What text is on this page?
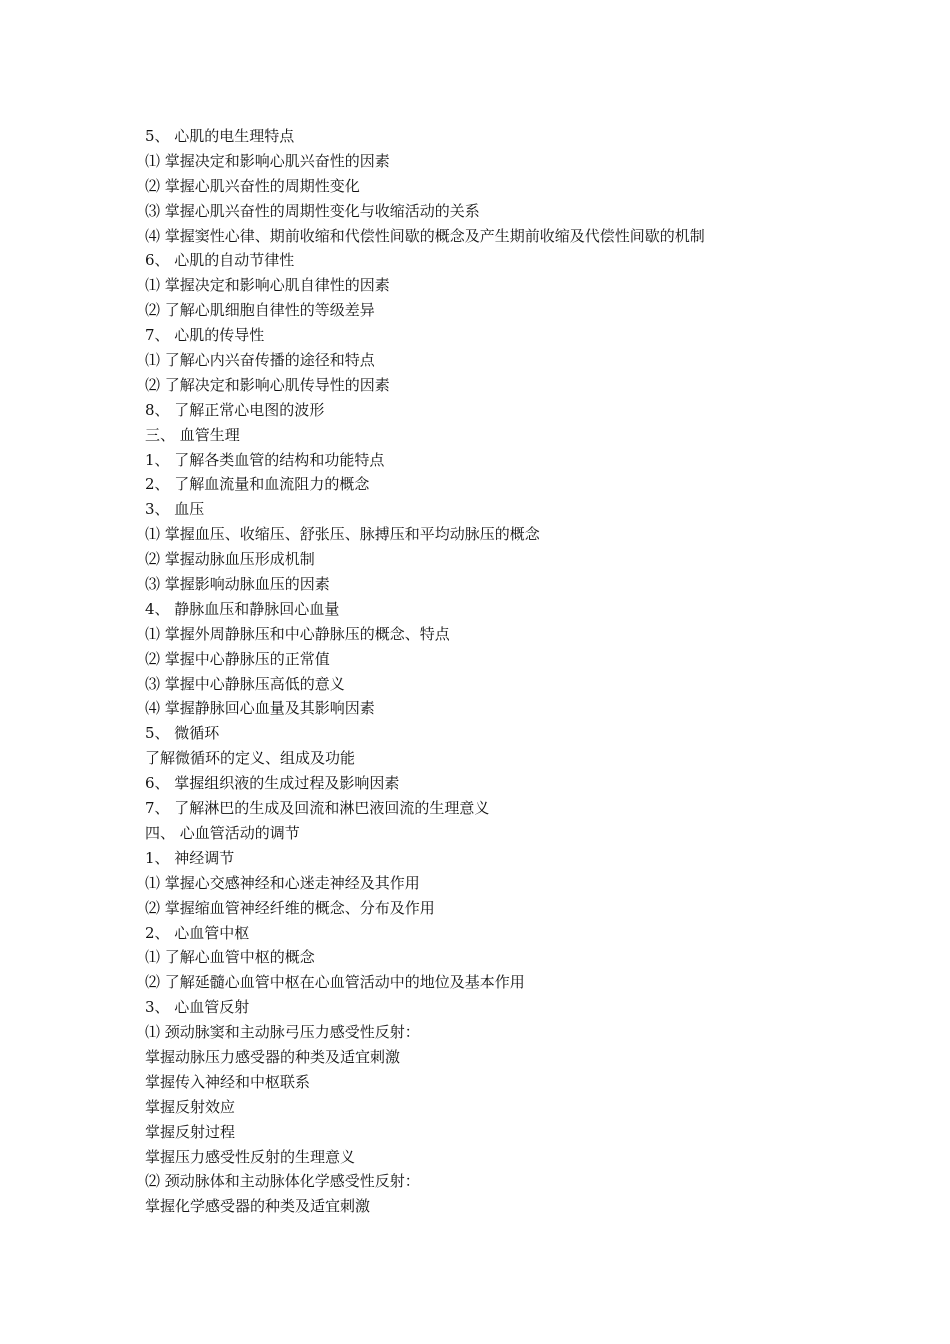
5、 心肌的电生理特点
⑴ 掌握决定和影响心肌兴奋性的因素
⑵ 掌握心肌兴奋性的周期性变化
⑶ 掌握心肌兴奋性的周期性变化与收缩活动的关系
⑷ 掌握窦性心律、期前收缩和代偿性间歇的概念及产生期前收缩及代偿性间歇的机制
6、 心肌的自动节律性
⑴ 掌握决定和影响心肌自律性的因素
⑵ 了解心肌细胞自律性的等级差异
7、 心肌的传导性
⑴ 了解心内兴奋传播的途径和特点
⑵ 了解决定和影响心肌传导性的因素
8、 了解正常心电图的波形
三、 血管生理
1、 了解各类血管的结构和功能特点
2、 了解血流量和血流阻力的概念
3、 血压
⑴ 掌握血压、收缩压、舒张压、脉搏压和平均动脉压的概念
⑵ 掌握动脉血压形成机制
⑶ 掌握影响动脉血压的因素
4、 静脉血压和静脉回心血量
⑴ 掌握外周静脉压和中心静脉压的概念、特点
⑵ 掌握中心静脉压的正常值
⑶ 掌握中心静脉压高低的意义
⑷ 掌握静脉回心血量及其影响因素
5、 微循环
了解微循环的定义、组成及功能
6、 掌握组织液的生成过程及影响因素
7、 了解淋巴的生成及回流和淋巴液回流的生理意义
四、 心血管活动的调节
1、 神经调节
⑴ 掌握心交感神经和心迷走神经及其作用
⑵ 掌握缩血管神经纤维的概念、分布及作用
2、 心血管中枢
⑴ 了解心血管中枢的概念
⑵ 了解延髓心血管中枢在心血管活动中的地位及基本作用
3、 心血管反射
⑴ 颈动脉窦和主动脉弓压力感受性反射：
掌握动脉压力感受器的种类及适宜刺激
掌握传入神经和中枢联系
掌握反射效应
掌握反射过程
掌握压力感受性反射的生理意义
⑵ 颈动脉体和主动脉体化学感受性反射：
掌握化学感受器的种类及适宜刺激
